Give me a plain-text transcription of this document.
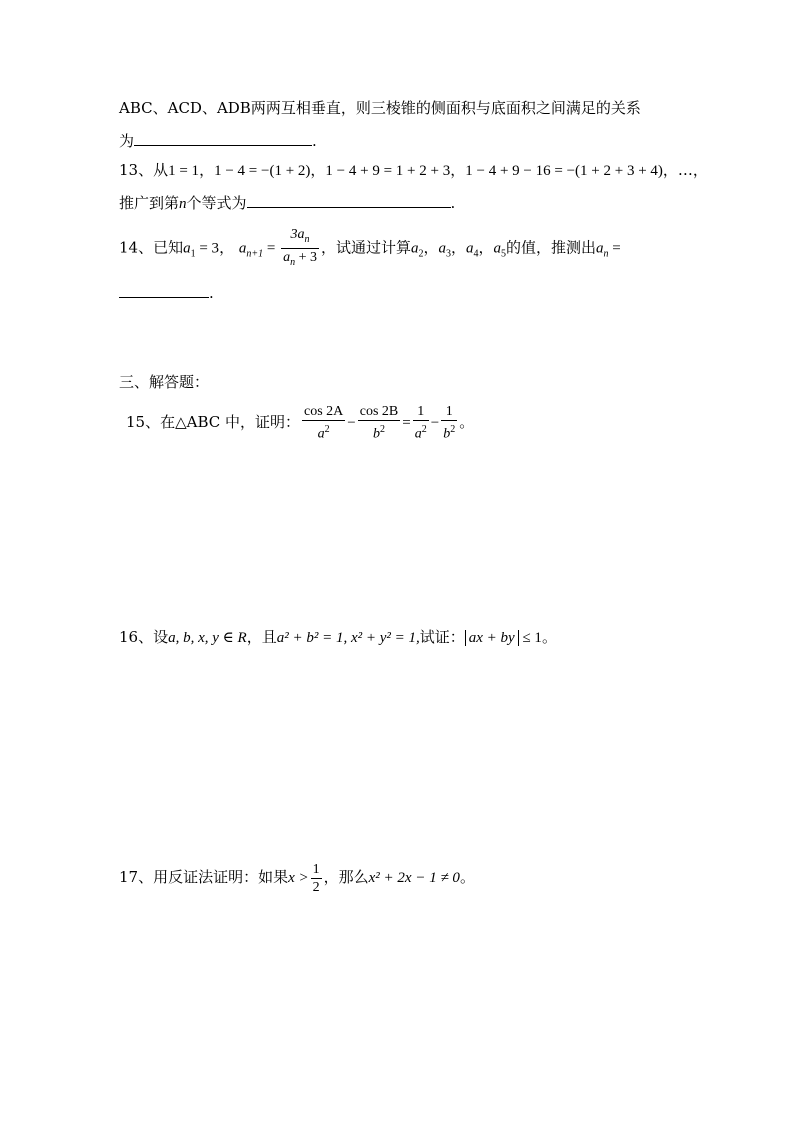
ABC、ACD、ADB两两互相垂直，则三棱锥的侧面积与底面积之间满足的关系
为	.
13、从1 = 1，1 − 4 = −(1 + 2)，1 − 4 + 9 = 1 + 2 + 3，1 − 4 + 9 − 16 = −(1 + 2 + 3 + 4)，…，
推广到第n个等式为	.
14、已知$a_1 = 3$， $a_{n+1} = \frac{3a_n}{a_n + 3}$ ，试通过计算$a_2$，$a_3$，$a_4$，$a_5$的值，推测出$a_n$ =
.
三、解答题：
15、在△ABC 中，证明： $\frac{\cos 2A}{a^2} - \frac{\cos 2B}{b^2} = \frac{1}{a^2} - \frac{1}{b^2}$ 。
16、设a, b, x, y ∈ R，且a² + b² = 1, x² + y² = 1,试证： ax + by ≤ 1。
17、用反证法证明：如果$x > \frac{1}{2}$ ，那么x² + 2x − 1 ≠ 0。
